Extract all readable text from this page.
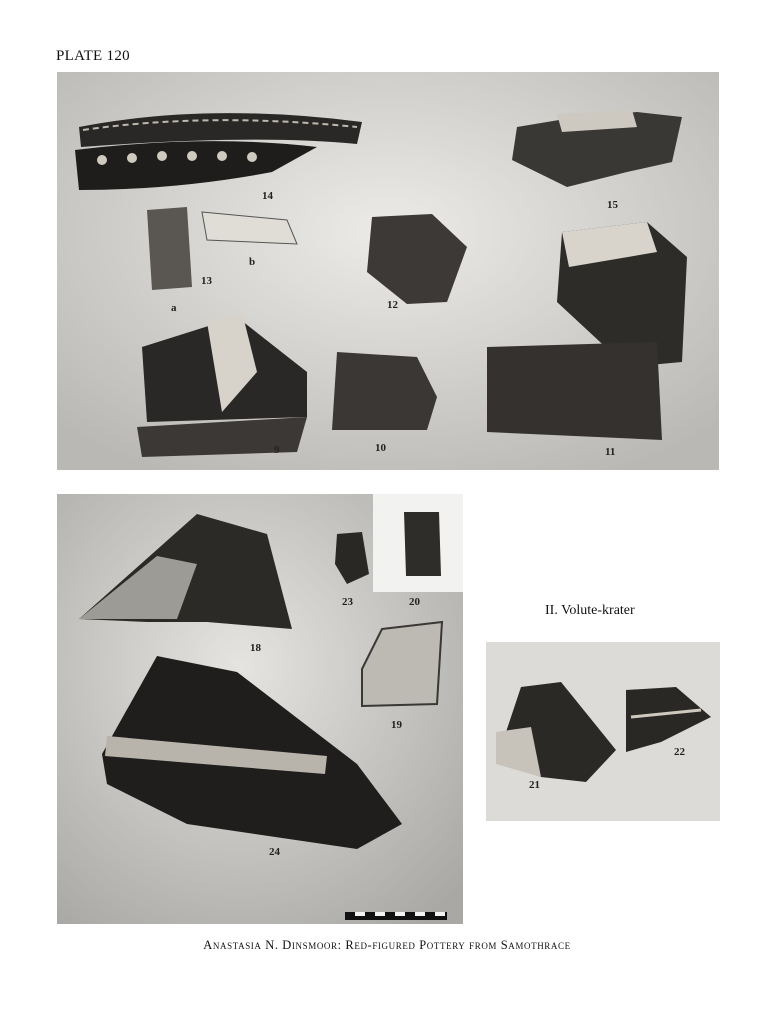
PLATE 120
14
15
13
a
b
12
9	10	11
18
23	20
19
24
II. Volute-krater
21
22
Anastasia N. Dinsmoor: Red-figured Pottery from Samothrace
